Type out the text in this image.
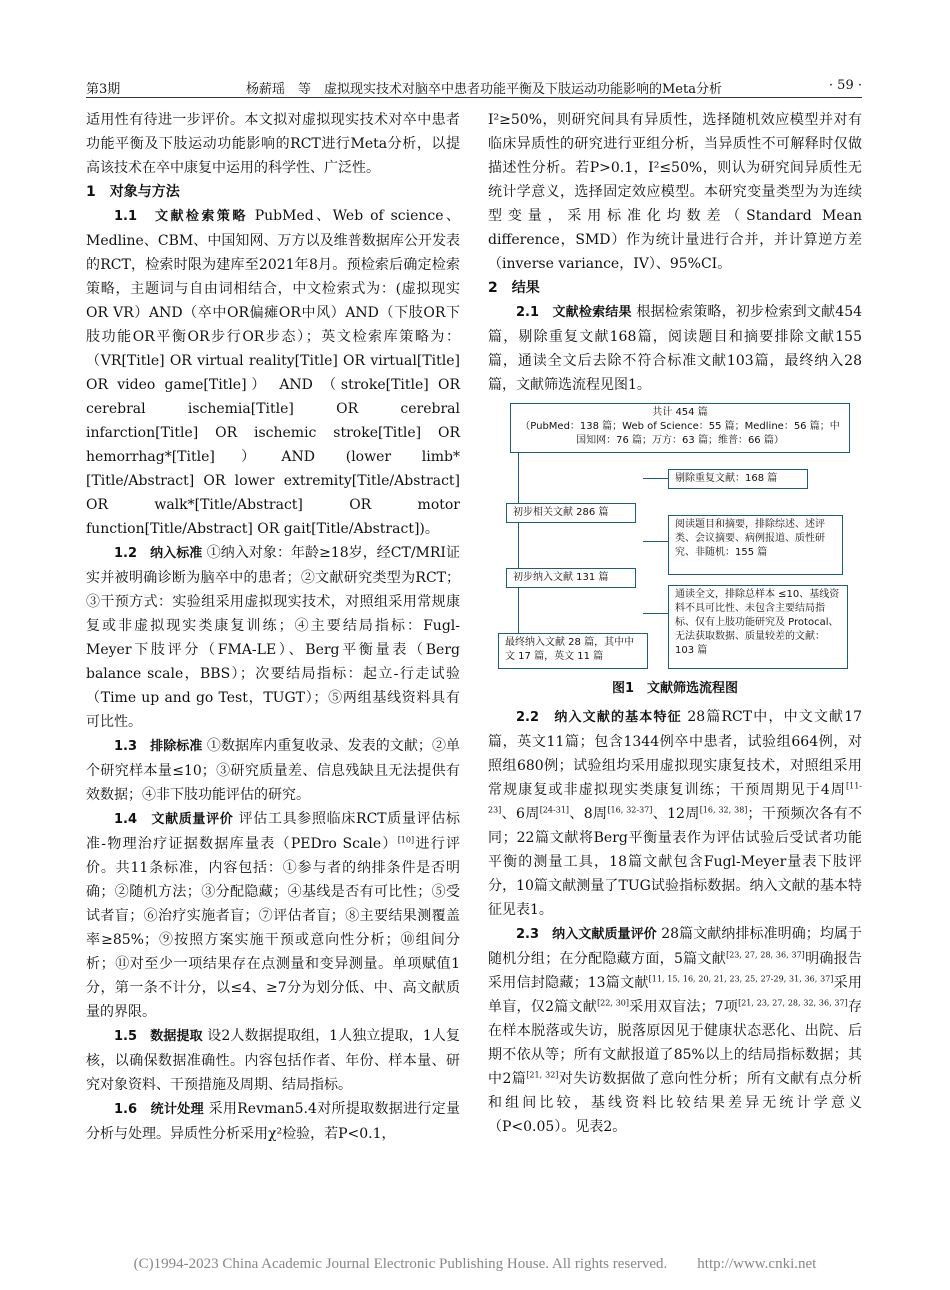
第3期	杨薪瑶　等　虚拟现实技术对脑卒中患者功能平衡及下肢运动功能影响的Meta分析	· 59 ·

适用性有待进一步评价。本文拟对虚拟现实技术对卒中患者功能平衡及下肢运动功能影响的RCT进行Meta分析，以提高该技术在卒中康复中运用的科学性、广泛性。

1　对象与方法

1.1　文献检索策略 PubMed、Web of science、Medline、CBM、中国知网、万方以及维普数据库公开发表的RCT，检索时限为建库至2021年8月。预检索后确定检索策略，主题词与自由词相结合，中文检索式为：(虚拟现实 OR VR）AND（卒中OR偏瘫OR中风）AND（下肢OR下肢功能OR平衡OR步行OR步态）；英文检索库策略为：（VR[Title] OR virtual reality[Title] OR virtual[Title] OR video game[Title]） AND （stroke[Title] OR cerebral ischemia[Title] OR cerebral infarction[Title] OR ischemic stroke[Title] OR hemorrhag*[Title]）AND (lower limb*[Title/Abstract] OR lower extremity[Title/Abstract] OR walk*[Title/Abstract] OR motor function[Title/Abstract] OR gait[Title/Abstract])。

1.2　纳入标准 ①纳入对象：年龄≥18岁，经CT/MRI证实并被明确诊断为脑卒中的患者；②文献研究类型为RCT；③干预方式：实验组采用虚拟现实技术，对照组采用常规康复或非虚拟现实类康复训练；④主要结局指标：Fugl-Meyer下肢评分（FMA-LE）、Berg平衡量表（Berg balance scale，BBS）；次要结局指标：起立-行走试验（Time up and go Test，TUGT）；⑤两组基线资料具有可比性。

1.3　排除标准 ①数据库内重复收录、发表的文献；②单个研究样本量≤10；③研究质量差、信息残缺且无法提供有效数据；④非下肢功能评估的研究。

1.4　文献质量评价 评估工具参照临床RCT质量评估标准-物理治疗证据数据库量表（PEDro Scale）[10]进行评价。共11条标准，内容包括：①参与者的纳排条件是否明确；②随机方法；③分配隐藏；④基线是否有可比性；⑤受试者盲；⑥治疗实施者盲；⑦评估者盲；⑧主要结果测覆盖率≥85%；⑨按照方案实施干预或意向性分析；⑩组间分析；⑪对至少一项结果存在点测量和变异测量。单项赋值1分，第一条不计分，以≤4、≥7分为划分低、中、高文献质量的界限。

1.5　数据提取 设2人数据提取组，1人独立提取，1人复核，以确保数据准确性。内容包括作者、年份、样本量、研究对象资料、干预措施及周期、结局指标。

1.6　统计处理 采用Revman5.4对所提取数据进行定量分析与处理。异质性分析采用χ²检验，若P<0.1，

I²≥50%，则研究间具有异质性，选择随机效应模型并对有临床异质性的研究进行亚组分析，当异质性不可解释时仅做描述性分析。若P>0.1，I²≤50%，则认为研究间异质性无统计学意义，选择固定效应模型。本研究变量类型为为连续型变量，采用标准化均数差（Standard Mean difference，SMD）作为统计量进行合并，并计算逆方差（inverse variance，IV）、95%CI。

2　结果

2.1　文献检索结果 根据检索策略，初步检索到文献454篇，剔除重复文献168篇，阅读题目和摘要排除文献155篇，通读全文后去除不符合标准文献103篇，最终纳入28篇，文献筛选流程见图1。

共计 454 篇
（PubMed：138 篇；Web of Science：55 篇；Medline：56 篇；中国知网：76 篇；万方：63 篇；维普：66 篇）
剔除重复文献：168 篇
初步相关文献 286 篇
阅读题目和摘要，排除综述、述评类、会议摘要、病例报道、质性研究、非随机：155 篇
初步纳入文献 131 篇
通读全文，排除总样本 ≤10、基线资料不具可比性、未包含主要结局指标、仅有上肢功能研究及 Protocal、无法获取数据、质量较差的文献：103 篇
最终纳入文献 28 篇，其中中文 17 篇，英文 11 篇
图1　文献筛选流程图

2.2　纳入文献的基本特征 28篇RCT中，中文文献17篇，英文11篇；包含1344例卒中患者，试验组664例，对照组680例；试验组均采用虚拟现实康复技术，对照组采用常规康复或非虚拟现实类康复训练；干预周期见于4周[11-23]、6周[24-31]、8周[16, 32-37]、12周[16, 32, 38]；干预频次各有不同；22篇文献将Berg平衡量表作为评估试验后受试者功能平衡的测量工具，18篇文献包含Fugl-Meyer量表下肢评分，10篇文献测量了TUG试验指标数据。纳入文献的基本特征见表1。

2.3　纳入文献质量评价 28篇文献纳排标准明确；均属于随机分组；在分配隐藏方面，5篇文献[23, 27, 28, 36, 37]明确报告采用信封隐藏；13篇文献[11, 15, 16, 20, 21, 23, 25, 27-29, 31, 36, 37]采用单盲，仅2篇文献[22, 30]采用双盲法；7项[21, 23, 27, 28, 32, 36, 37]存在样本脱落或失访，脱落原因见于健康状态恶化、出院、后期不依从等；所有文献报道了85%以上的结局指标数据；其中2篇[21, 32]对失访数据做了意向性分析；所有文献有点分析和组间比较，基线资料比较结果差异无统计学意义（P<0.05）。见表2。

(C)1994-2023 China Academic Journal Electronic Publishing House. All rights reserved.　　http://www.cnki.net
